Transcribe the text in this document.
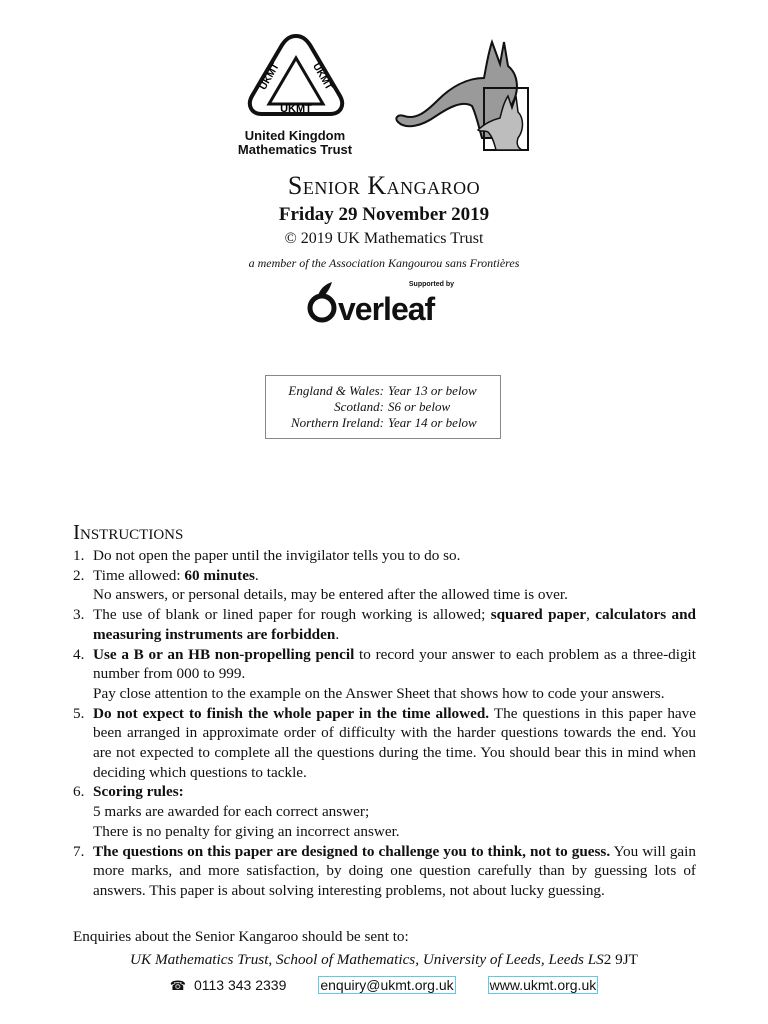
UKMT	UKMT
UKMT
United Kingdom
Mathematics Trust
Senior Kangaroo
Friday 29 November 2019
© 2019 UK Mathematics Trust
a member of the Association Kangourou sans Frontières
Supported by
verleaf
England & Wales: Year 13 or below
Scotland: S6 or below
Northern Ireland: Year 14 or below
Instructions
1. Do not open the paper until the invigilator tells you to do so.
2. Time allowed: 60 minutes.
No answers, or personal details, may be entered after the allowed time is over.
3. The use of blank or lined paper for rough working is allowed; squared paper, calculators and measuring instruments are forbidden.
4. Use a B or an HB non-propelling pencil to record your answer to each problem as a three-digit number from 000 to 999.
Pay close attention to the example on the Answer Sheet that shows how to code your answers.
5. Do not expect to finish the whole paper in the time allowed. The questions in this paper have been arranged in approximate order of difficulty with the harder questions towards the end. You are not expected to complete all the questions during the time. You should bear this in mind when deciding which questions to tackle.
6. Scoring rules:
5 marks are awarded for each correct answer;
There is no penalty for giving an incorrect answer.
7. The questions on this paper are designed to challenge you to think, not to guess. You will gain more marks, and more satisfaction, by doing one question carefully than by guessing lots of answers. This paper is about solving interesting problems, not about lucky guessing.
Enquiries about the Senior Kangaroo should be sent to:
UK Mathematics Trust, School of Mathematics, University of Leeds, Leeds LS2 9JT
☎ 0113 343 2339 enquiry@ukmt.org.uk	www.ukmt.org.uk
